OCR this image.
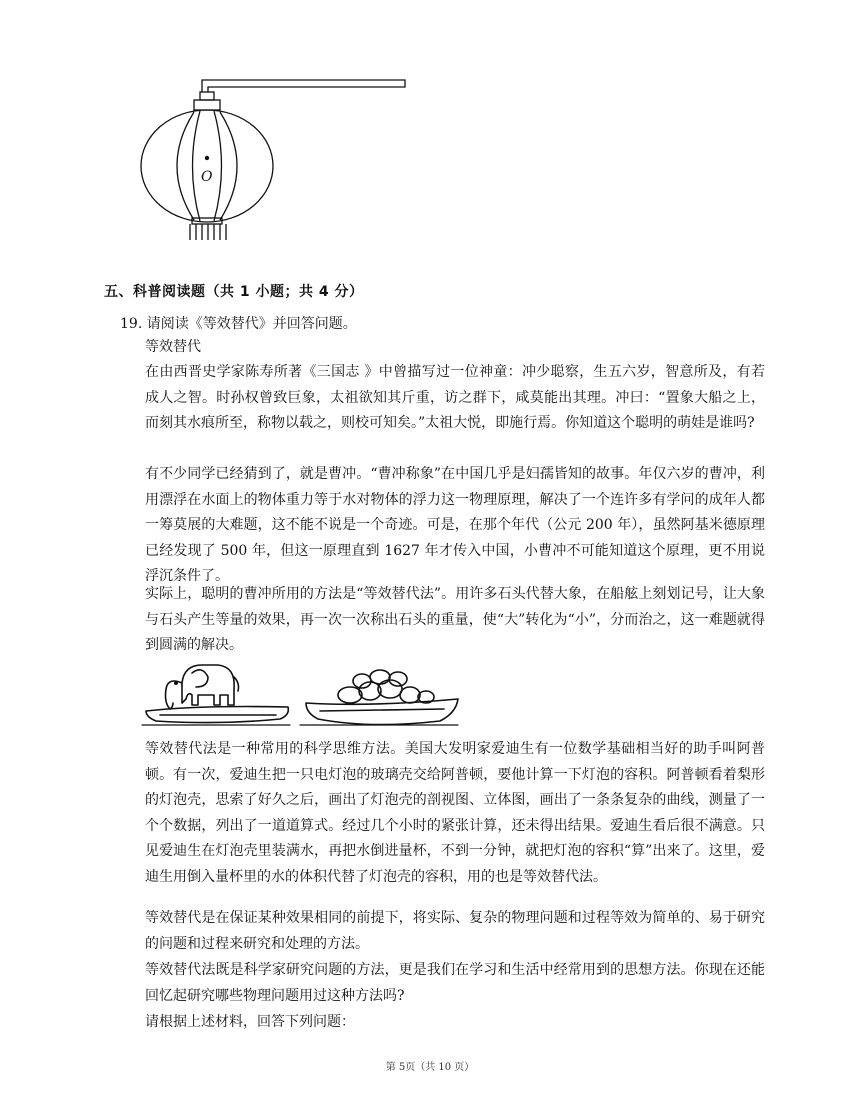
O
五、科普阅读题（共 1 小题；共 4 分）
19. 请阅读《等效替代》并回答问题。

等效替代

在由西晋史学家陈寿所著《三国志 》中曾描写过一位神童：冲少聪察，生五六岁，智意所及，有若成人之智。时孙权曾致巨象，太祖欲知其斤重，访之群下，咸莫能出其理。冲曰：“置象大船之上，而刻其水痕所至，称物以载之，则校可知矣。”太祖大悦，即施行焉。你知道这个聪明的萌娃是谁吗?

有不少同学已经猜到了，就是曹冲。“曹冲称象”在中国几乎是妇孺皆知的故事。年仅六岁的曹冲，利用漂浮在水面上的物体重力等于水对物体的浮力这一物理原理，解决了一个连许多有学问的成年人都一筹莫展的大难题，这不能不说是一个奇迹。可是，在那个年代（公元 200 年），虽然阿基米德原理已经发现了 500 年，但这一原理直到 1627 年才传入中国，小曹冲不可能知道这个原理，更不用说浮沉条件了。

实际上，聪明的曹冲所用的方法是“等效替代法”。用许多石头代替大象，在船舷上刻划记号，让大象与石头产生等量的效果，再一次一次称出石头的重量，使“大”转化为“小”，分而治之，这一难题就得到圆满的解决。

等效替代法是一种常用的科学思维方法。美国大发明家爱迪生有一位数学基础相当好的助手叫阿普顿。有一次，爱迪生把一只电灯泡的玻璃壳交给阿普顿，要他计算一下灯泡的容积。阿普顿看着梨形的灯泡壳，思索了好久之后，画出了灯泡壳的剖视图、立体图，画出了一条条复杂的曲线，测量了一个个数据，列出了一道道算式。经过几个小时的紧张计算，还未得出结果。爱迪生看后很不满意。只见爱迪生在灯泡壳里装满水，再把水倒进量杯，不到一分钟，就把灯泡的容积“算”出来了。这里，爱迪生用倒入量杯里的水的体积代替了灯泡壳的容积，用的也是等效替代法。

等效替代是在保证某种效果相同的前提下，将实际、复杂的物理问题和过程等效为简单的、易于研究的问题和过程来研究和处理的方法。

等效替代法既是科学家研究问题的方法，更是我们在学习和生活中经常用到的思想方法。你现在还能回忆起研究哪些物理问题用过这种方法吗?

请根据上述材料，回答下列问题：

第 5页（共 10 页）
